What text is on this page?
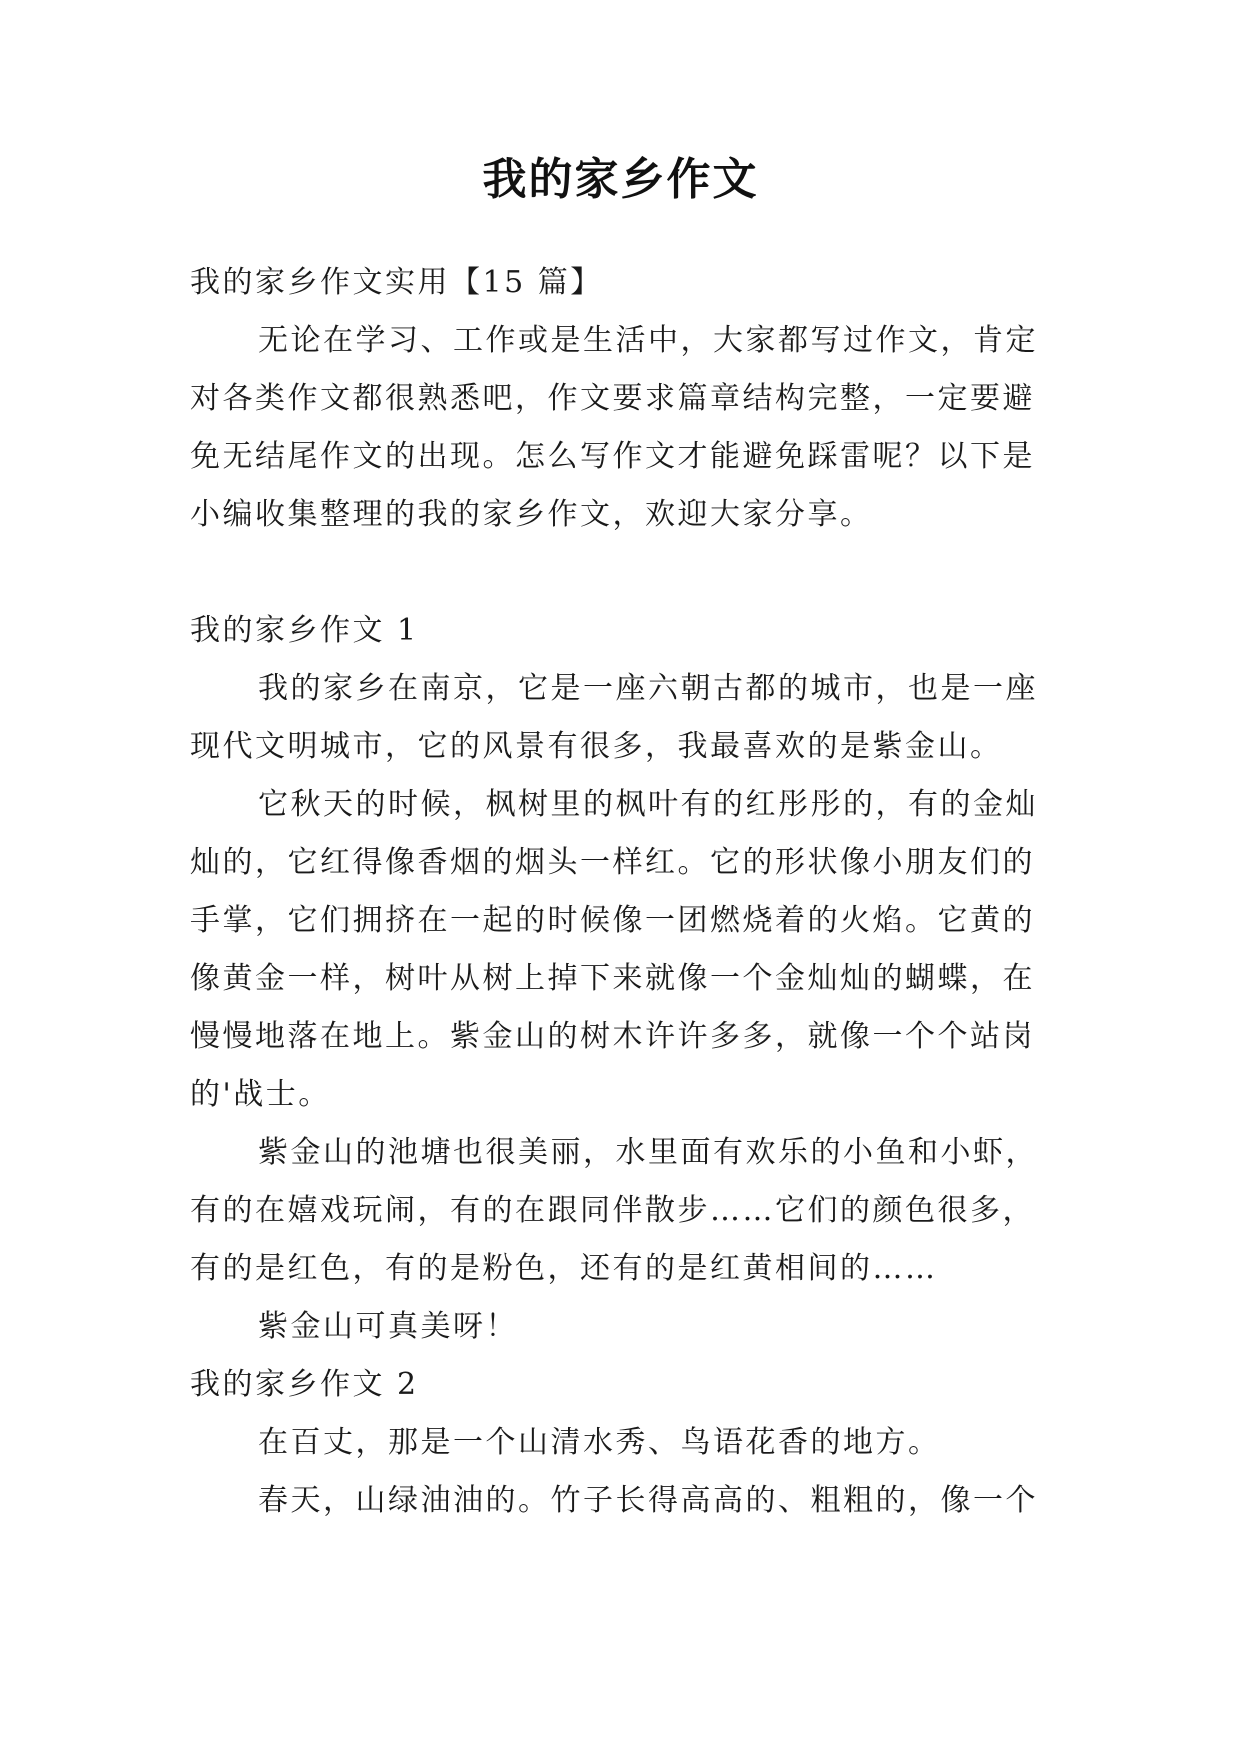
我的家乡作文
我的家乡作文实用【15 篇】
无论在学习、工作或是生活中，大家都写过作文，肯定
对各类作文都很熟悉吧，作文要求篇章结构完整，一定要避
免无结尾作文的出现。怎么写作文才能避免踩雷呢？以下是
小编收集整理的我的家乡作文，欢迎大家分享。
我的家乡作文 1
我的家乡在南京，它是一座六朝古都的城市，也是一座
现代文明城市，它的风景有很多，我最喜欢的是紫金山。
它秋天的时候，枫树里的枫叶有的红彤彤的，有的金灿
灿的，它红得像香烟的烟头一样红。它的形状像小朋友们的
手掌，它们拥挤在一起的时候像一团燃烧着的火焰。它黄的
像黄金一样，树叶从树上掉下来就像一个金灿灿的蝴蝶，在
慢慢地落在地上。紫金山的树木许许多多，就像一个个站岗
的'战士。
紫金山的池塘也很美丽，水里面有欢乐的小鱼和小虾，
有的在嬉戏玩闹，有的在跟同伴散步……它们的颜色很多，
有的是红色，有的是粉色，还有的是红黄相间的……
紫金山可真美呀！
我的家乡作文 2
在百丈，那是一个山清水秀、鸟语花香的地方。
春天，山绿油油的。竹子长得高高的、粗粗的，像一个
